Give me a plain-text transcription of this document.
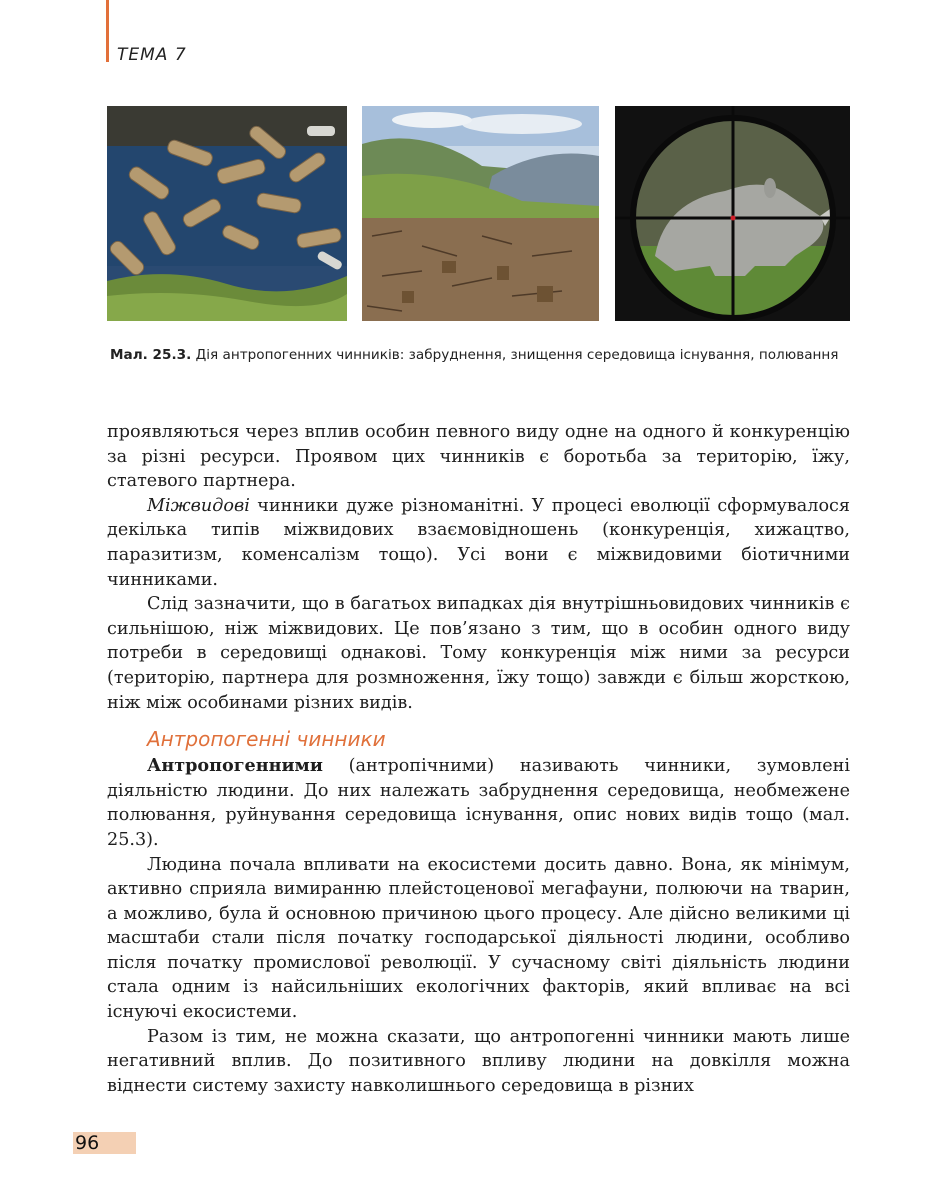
ТЕМА 7
Мал. 25.3. Дія антропогенних чинників: забруднення, знищення середовища існування, полювання

проявляються через вплив особин певного виду одне на одного й конкуренцію за різні ресурси. Проявом цих чинників є боротьба за територію, їжу, статевого партнера.

Міжвидові чинники дуже різноманітні. У процесі еволюції сформувалося декілька типів міжвидових взаємовідношень (конкуренція, хижацтво, паразитизм, коменсалізм тощо). Усі вони є міжвидовими біотичними чинниками.

Слід зазначити, що в багатьох випадках дія внутрішньовидових чинників є сильнішою, ніж міжвидових. Це пов’язано з тим, що в особин одного виду потреби в середовищі однакові. Тому конкуренція між ними за ресурси (територію, партнера для розмноження, їжу тощо) завжди є більш жорсткою, ніж між особинами різних видів.

Антропогенні чинники

Антропогенними (антропічними) називають чинники, зумовлені діяльністю людини. До них належать забруднення середовища, необмежене полювання, руйнування середовища існування, опис нових видів тощо (мал. 25.3).

Людина почала впливати на екосистеми досить давно. Вона, як мінімум, активно сприяла вимиранню плейстоценової мегафауни, полюючи на тварин, а можливо, була й основною причиною цього процесу. Але дійсно великими ці масштаби стали після початку господарської діяльності людини, особливо після початку промислової революції. У сучасному світі діяльність людини стала одним із найсильніших екологічних факторів, який впливає на всі існуючі екосистеми.

Разом із тим, не можна сказати, що антропогенні чинники мають лише негативний вплив. До позитивного впливу людини на довкілля можна віднести систему захисту навколишнього середовища в різних

96
